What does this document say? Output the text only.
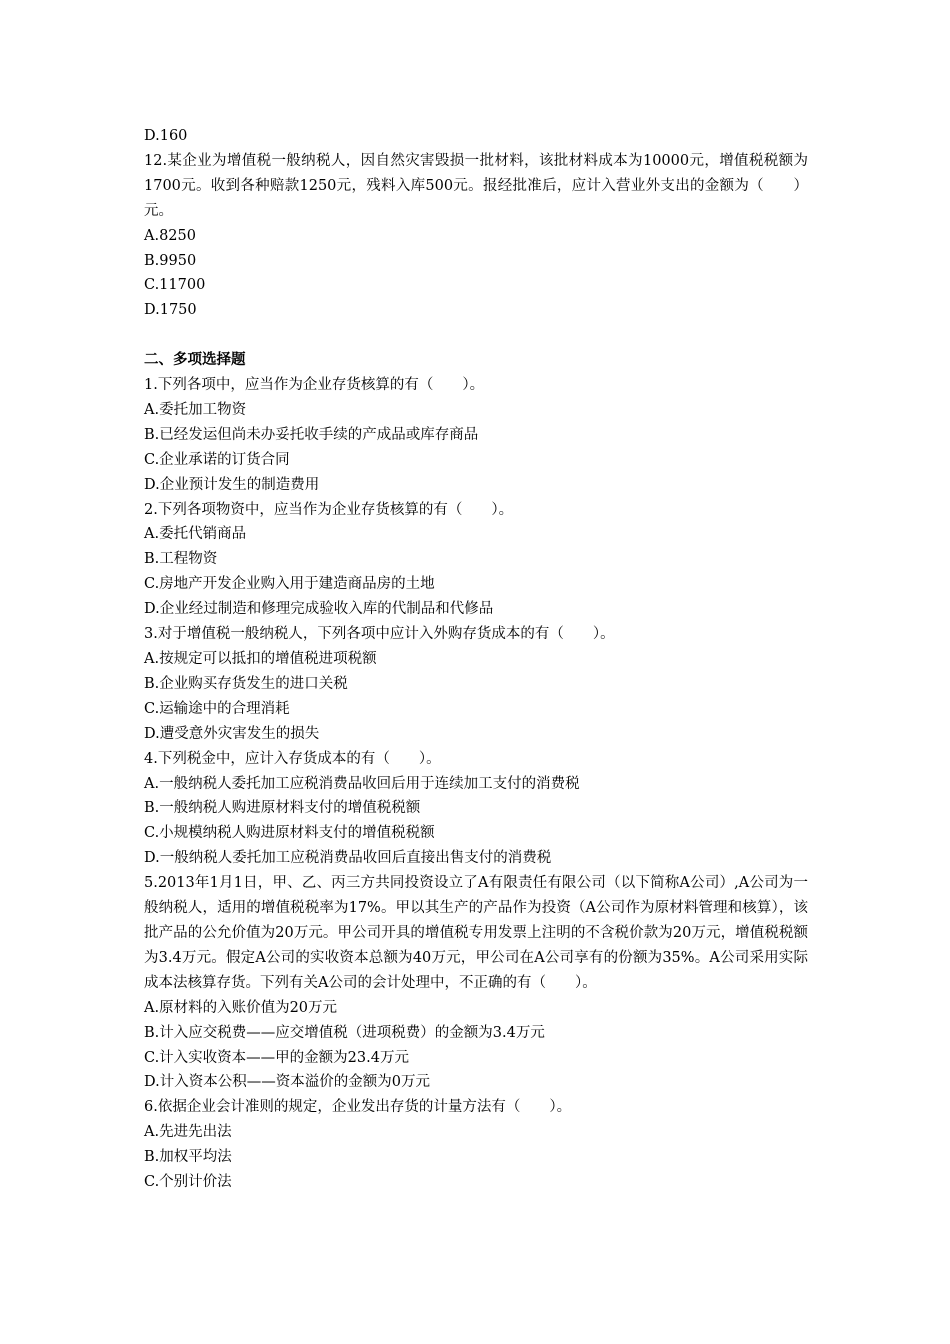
D.160
12.某企业为增值税一般纳税人，因自然灾害毁损一批材料，该批材料成本为10000元，增值税税额为1700元。收到各种赔款1250元，残料入库500元。报经批准后，应计入营业外支出的金额为（　　）元。
A.8250
B.9950
C.11700
D.1750
二、多项选择题
1.下列各项中，应当作为企业存货核算的有（　　）。
A.委托加工物资
B.已经发运但尚未办妥托收手续的产成品或库存商品
C.企业承诺的订货合同
D.企业预计发生的制造费用
2.下列各项物资中，应当作为企业存货核算的有（　　）。
A.委托代销商品
B.工程物资
C.房地产开发企业购入用于建造商品房的土地
D.企业经过制造和修理完成验收入库的代制品和代修品
3.对于增值税一般纳税人，下列各项中应计入外购存货成本的有（　　）。
A.按规定可以抵扣的增值税进项税额
B.企业购买存货发生的进口关税
C.运输途中的合理消耗
D.遭受意外灾害发生的损失
4.下列税金中，应计入存货成本的有（　　）。
A.一般纳税人委托加工应税消费品收回后用于连续加工支付的消费税
B.一般纳税人购进原材料支付的增值税税额
C.小规模纳税人购进原材料支付的增值税税额
D.一般纳税人委托加工应税消费品收回后直接出售支付的消费税
5.2013年1月1日，甲、乙、丙三方共同投资设立了A有限责任有限公司（以下简称A公司）,A公司为一般纳税人，适用的增值税税率为17%。甲以其生产的产品作为投资（A公司作为原材料管理和核算），该批产品的公允价值为20万元。甲公司开具的增值税专用发票上注明的不含税价款为20万元，增值税税额为3.4万元。假定A公司的实收资本总额为40万元，甲公司在A公司享有的份额为35%。A公司采用实际成本法核算存货。下列有关A公司的会计处理中，不正确的有（　　）。
A.原材料的入账价值为20万元
B.计入应交税费——应交增值税（进项税费）的金额为3.4万元
C.计入实收资本——甲的金额为23.4万元
D.计入资本公积——资本溢价的金额为0万元
6.依据企业会计准则的规定，企业发出存货的计量方法有（　　）。
A.先进先出法
B.加权平均法
C.个别计价法
